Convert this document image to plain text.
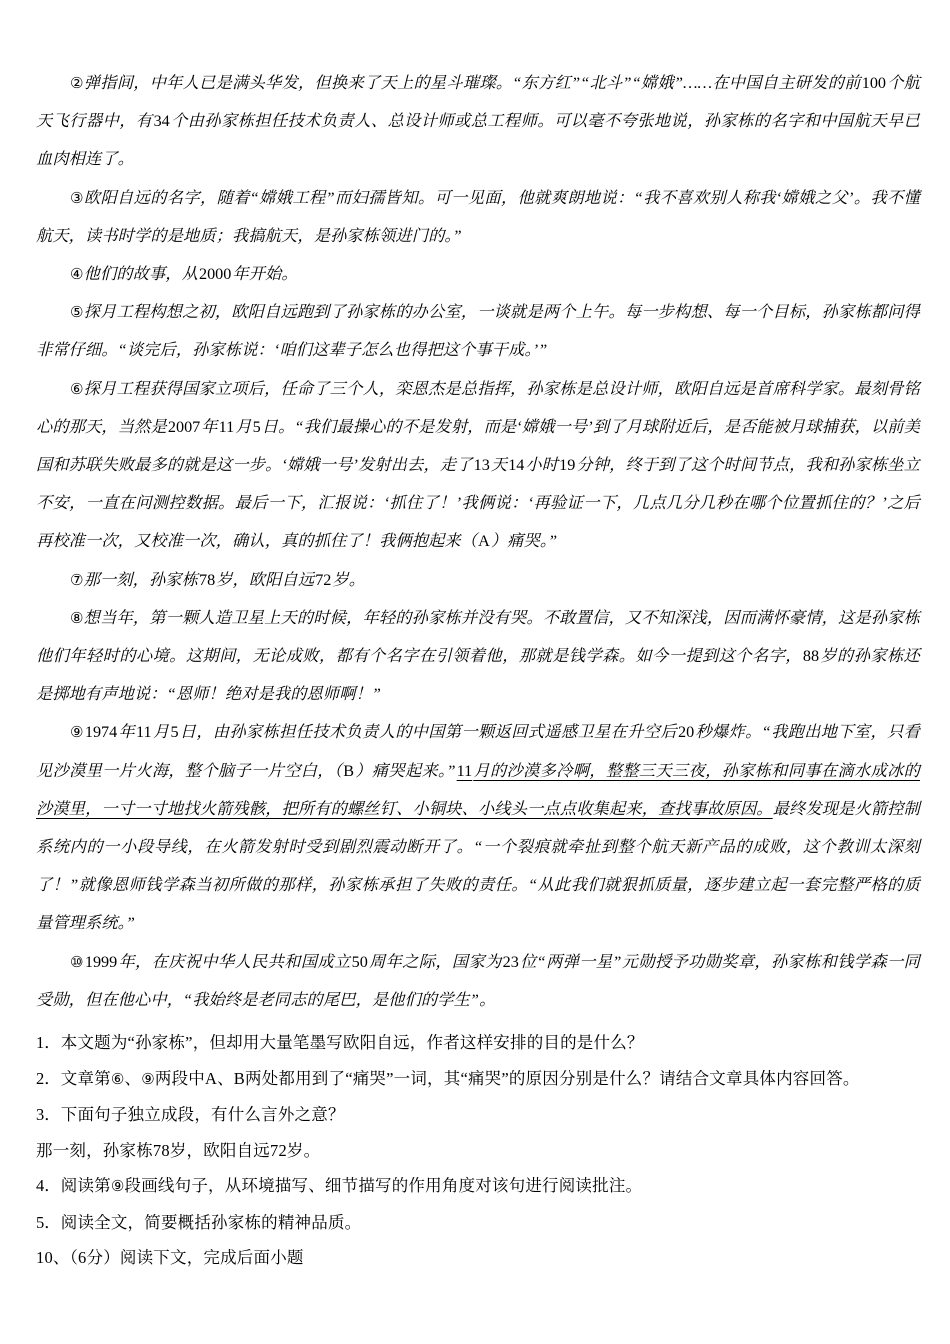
②弹指间，中年人已是满头华发，但换来了天上的星斗璀璨。“东方红”“北斗”“嫦娥”……在中国自主研发的前100个航天飞行器中，有34个由孙家栋担任技术负责人、总设计师或总工程师。可以毫不夸张地说，孙家栋的名字和中国航天早已血肉相连了。

③欧阳自远的名字，随着“嫦娥工程”而妇孺皆知。可一见面，他就爽朗地说：“我不喜欢别人称我‘嫦娥之父’。我不懂航天，读书时学的是地质；我搞航天，是孙家栋领进门的。”

④他们的故事，从2000年开始。

⑤探月工程构想之初，欧阳自远跑到了孙家栋的办公室，一谈就是两个上午。每一步构想、每一个目标，孙家栋都问得非常仔细。“谈完后，孙家栋说：‘咱们这辈子怎么也得把这个事干成。’”

⑥探月工程获得国家立项后，任命了三个人，栾恩杰是总指挥，孙家栋是总设计师，欧阳自远是首席科学家。最刻骨铭心的那天，当然是2007年11月5日。“我们最操心的不是发射，而是‘嫦娥一号’到了月球附近后，是否能被月球捕获，以前美国和苏联失败最多的就是这一步。‘嫦娥一号’发射出去，走了13天14小时19分钟，终于到了这个时间节点，我和孙家栋坐立不安，一直在问测控数据。最后一下，汇报说：‘抓住了！’我俩说：‘再验证一下，几点几分几秒在哪个位置抓住的？’之后再校准一次，又校准一次，确认，真的抓住了！我俩抱起来（A）痛哭。”

⑦那一刻，孙家栋78岁，欧阳自远72岁。

⑧想当年，第一颗人造卫星上天的时候，年轻的孙家栋并没有哭。不敢置信，又不知深浅，因而满怀豪情，这是孙家栋他们年轻时的心境。这期间，无论成败，都有个名字在引领着他，那就是钱学森。如今一提到这个名字，88岁的孙家栋还是掷地有声地说：“恩师！绝对是我的恩师啊！”

⑨1974年11月5日，由孙家栋担任技术负责人的中国第一颗返回式遥感卫星在升空后20秒爆炸。“我跑出地下室，只看见沙漠里一片火海，整个脑子一片空白，（B）痛哭起来。”11月的沙漠多冷啊，整整三天三夜，孙家栋和同事在滴水成冰的沙漠里，一寸一寸地找火箭残骸，把所有的螺丝钉、小铜块、小线头一点点收集起来，查找事故原因。最终发现是火箭控制系统内的一小段导线，在火箭发射时受到剧烈震动断开了。“一个裂痕就牵扯到整个航天新产品的成败，这个教训太深刻了！”就像恩师钱学森当初所做的那样，孙家栋承担了失败的责任。“从此我们就狠抓质量，逐步建立起一套完整严格的质量管理系统。”

⑩1999年，在庆祝中华人民共和国成立50周年之际，国家为23位“两弹一星”元勋授予功勋奖章，孙家栋和钱学森一同受勋，但在他心中，“我始终是老同志的尾巴，是他们的学生”。

1．本文题为“孙家栋”，但却用大量笔墨写欧阳自远，作者这样安排的目的是什么？
2．文章第⑥、⑨两段中A、B两处都用到了“痛哭”一词，其“痛哭”的原因分别是什么？请结合文章具体内容回答。
3．下面句子独立成段，有什么言外之意？
那一刻，孙家栋78岁，欧阳自远72岁。
4．阅读第⑨段画线句子，从环境描写、细节描写的作用角度对该句进行阅读批注。
5．阅读全文，简要概括孙家栋的精神品质。
10、（6分）阅读下文，完成后面小题
